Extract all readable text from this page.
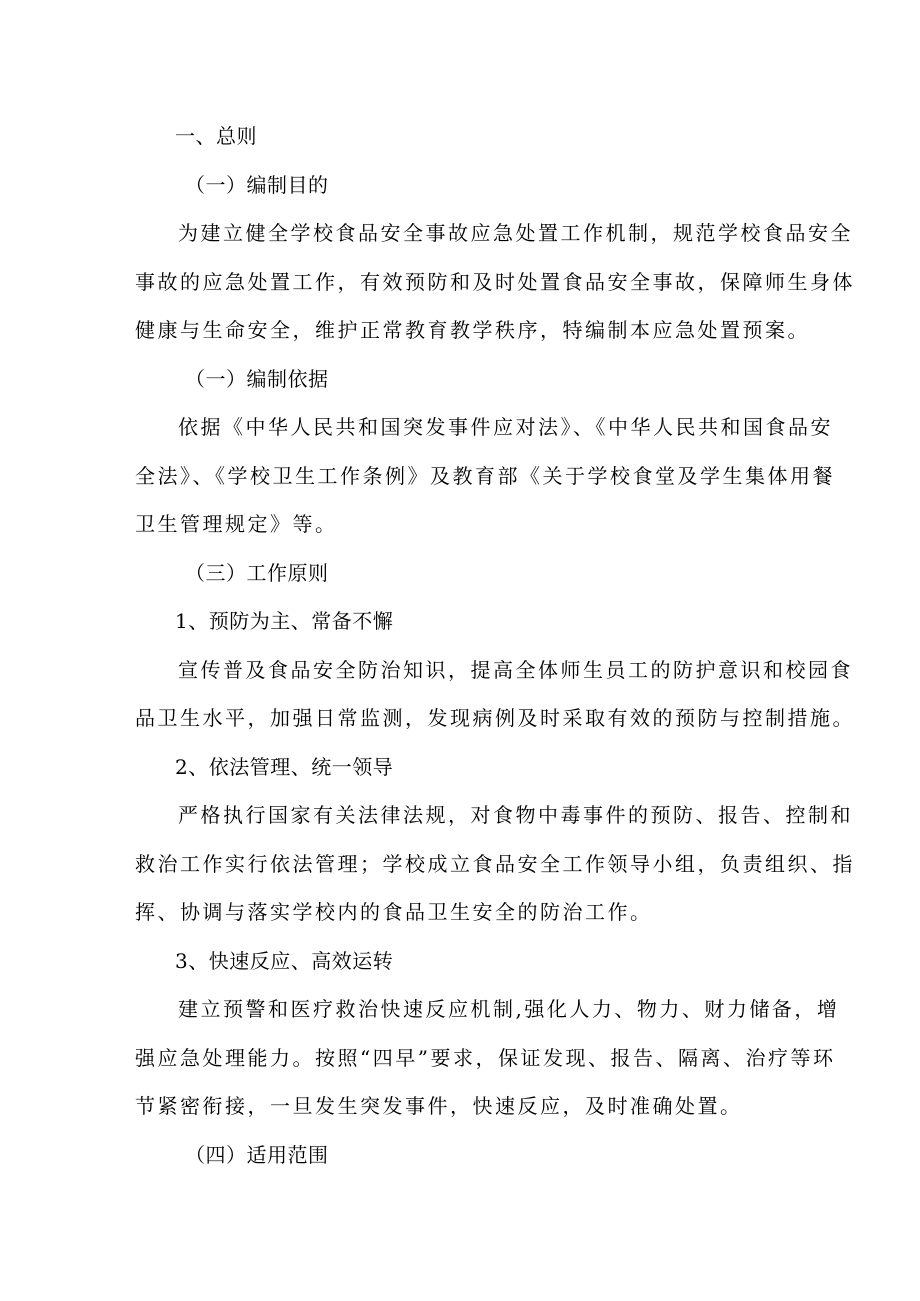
一、总则
（一）编制目的
为建立健全学校食品安全事故应急处置工作机制，规范学校食品安全
事故的应急处置工作，有效预防和及时处置食品安全事故，保障师生身体
健康与生命安全，维护正常教育教学秩序，特编制本应急处置预案。
（一）编制依据
依据《中华人民共和国突发事件应对法》、《中华人民共和国食品安
全法》、《学校卫生工作条例》及教育部《关于学校食堂及学生集体用餐
卫生管理规定》等。
（三）工作原则
1、预防为主、常备不懈
宣传普及食品安全防治知识，提高全体师生员工的防护意识和校园食
品卫生水平，加强日常监测，发现病例及时采取有效的预防与控制措施。
2、依法管理、统一领导
严格执行国家有关法律法规，对食物中毒事件的预防、报告、控制和
救治工作实行依法管理；学校成立食品安全工作领导小组，负责组织、指
挥、协调与落实学校内的食品卫生安全的防治工作。
3、快速反应、高效运转
建立预警和医疗救治快速反应机制,强化人力、物力、财力储备，增
强应急处理能力。按照“四早”要求，保证发现、报告、隔离、治疗等环
节紧密衔接，一旦发生突发事件，快速反应，及时准确处置。
（四）适用范围
